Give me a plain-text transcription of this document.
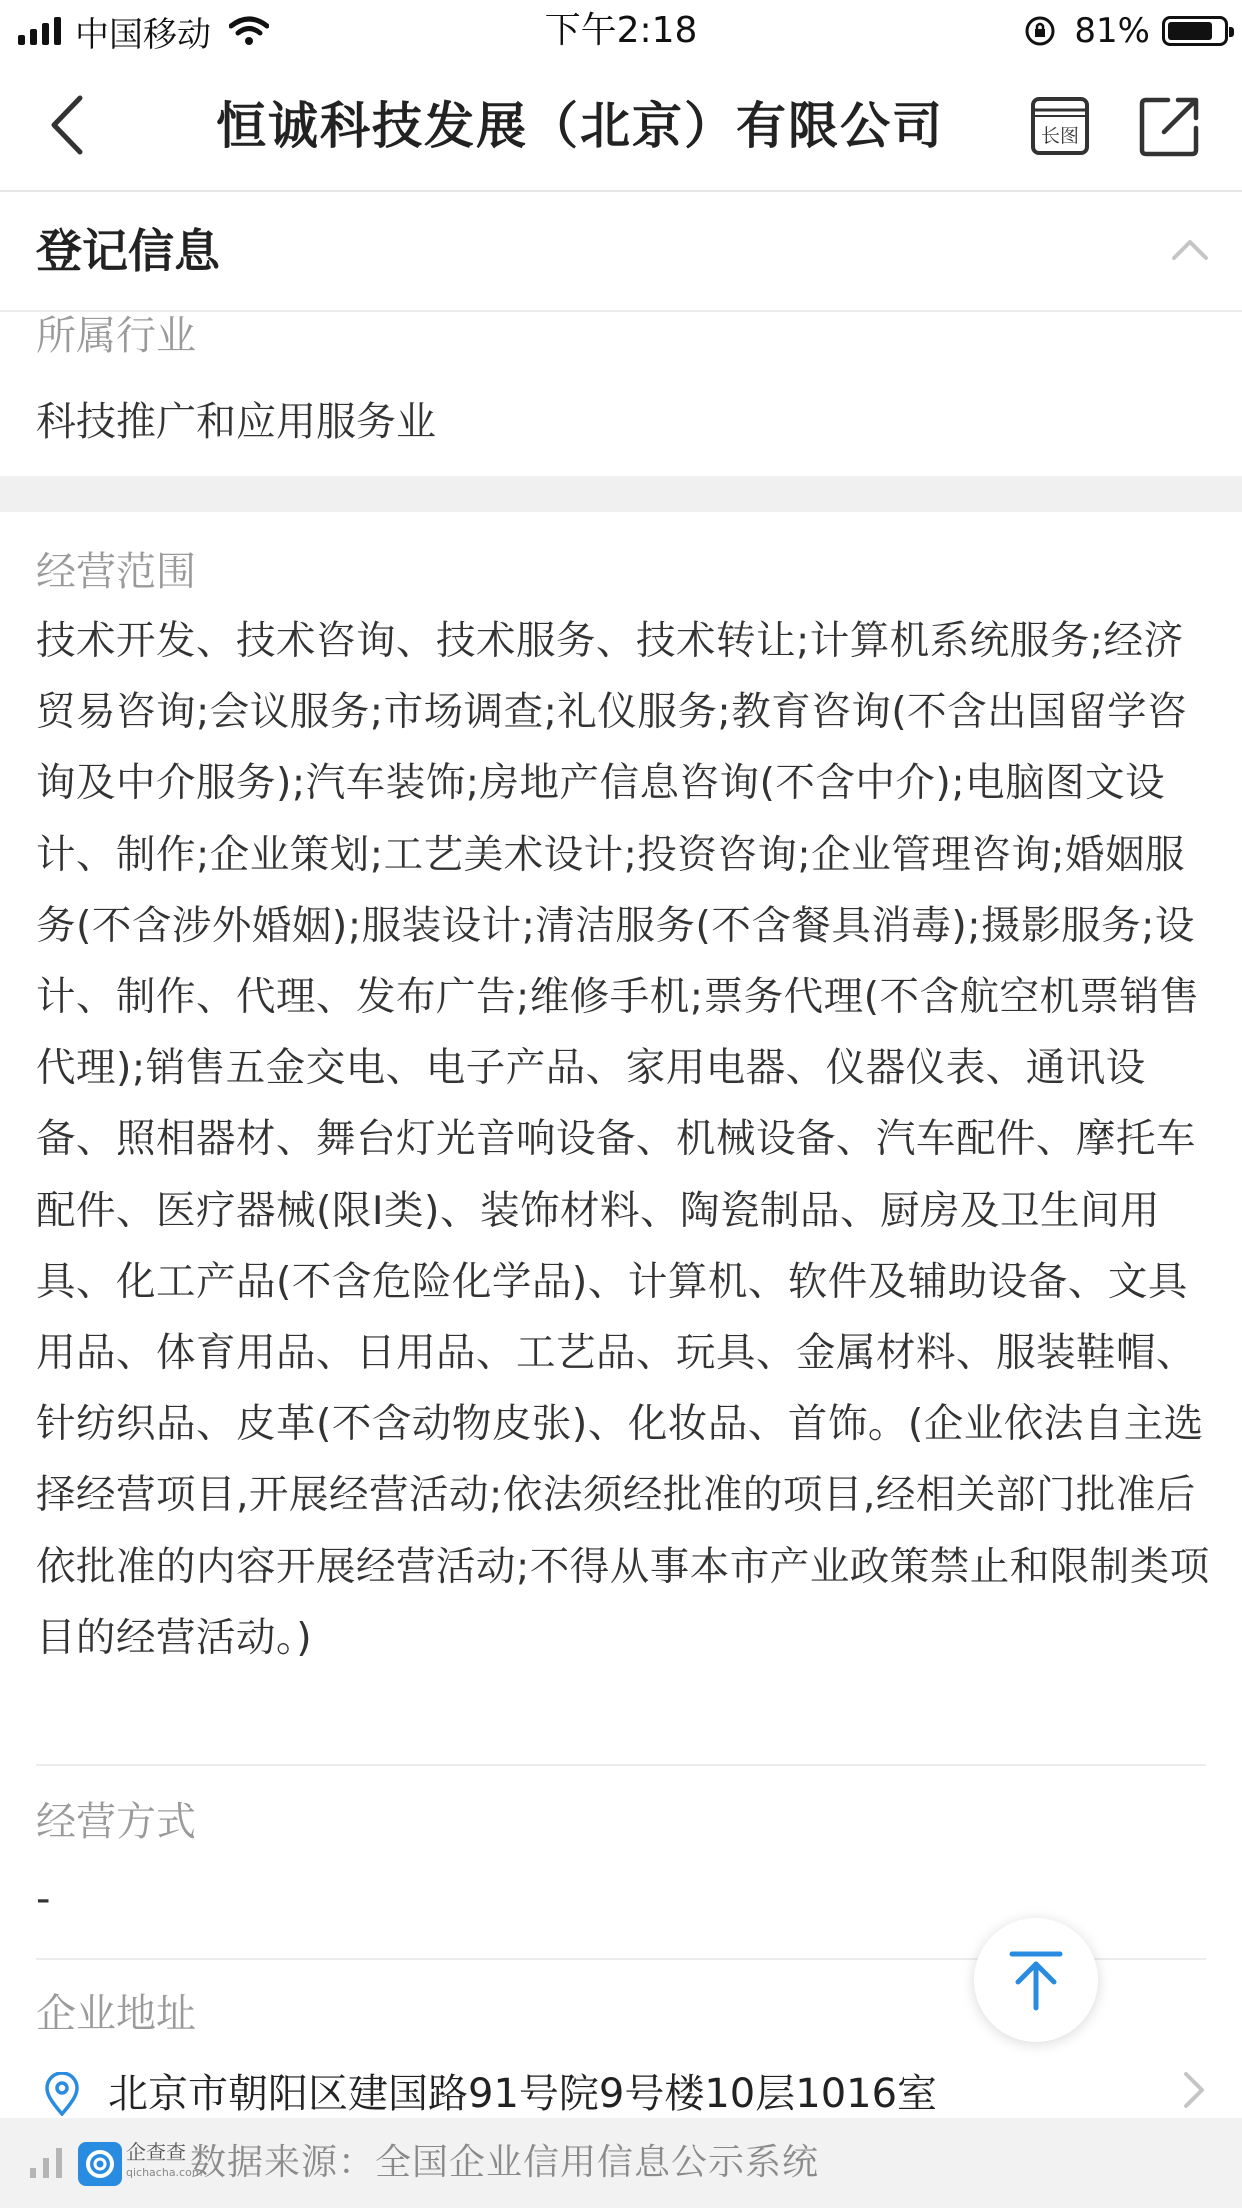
中国移动	下午2:18	81%
恒诚科技发展（北京）有限公司	长图
登记信息
所属行业
科技推广和应用服务业
经营范围

技术开发、技术咨询、技术服务、技术转让;计算机系统服务;经济贸易咨询;会议服务;市场调查;礼仪服务;教育咨询(不含出国留学咨询及中介服务);汽车装饰;房地产信息咨询(不含中介);电脑图文设计、制作;企业策划;工艺美术设计;投资咨询;企业管理咨询;婚姻服务(不含涉外婚姻);服装设计;清洁服务(不含餐具消毒);摄影服务;设计、制作、代理、发布广告;维修手机;票务代理(不含航空机票销售代理);销售五金交电、电子产品、家用电器、仪器仪表、通讯设备、照相器材、舞台灯光音响设备、机械设备、汽车配件、摩托车配件、医疗器械(限Ⅰ类)、装饰材料、陶瓷制品、厨房及卫生间用具、化工产品(不含危险化学品)、计算机、软件及辅助设备、文具用品、体育用品、日用品、工艺品、玩具、金属材料、服装鞋帽、针纺织品、皮革(不含动物皮张)、化妆品、首饰。(企业依法自主选择经营项目,开展经营活动;依法须经批准的项目,经相关部门批准后依批准的内容开展经营活动;不得从事本市产业政策禁止和限制类项目的经营活动。)

经营方式
-
企业地址
北京市朝阳区建国路91号院9号楼10层1016室
企查查
qichacha.com
数据来源：全国企业信用信息公示系统
